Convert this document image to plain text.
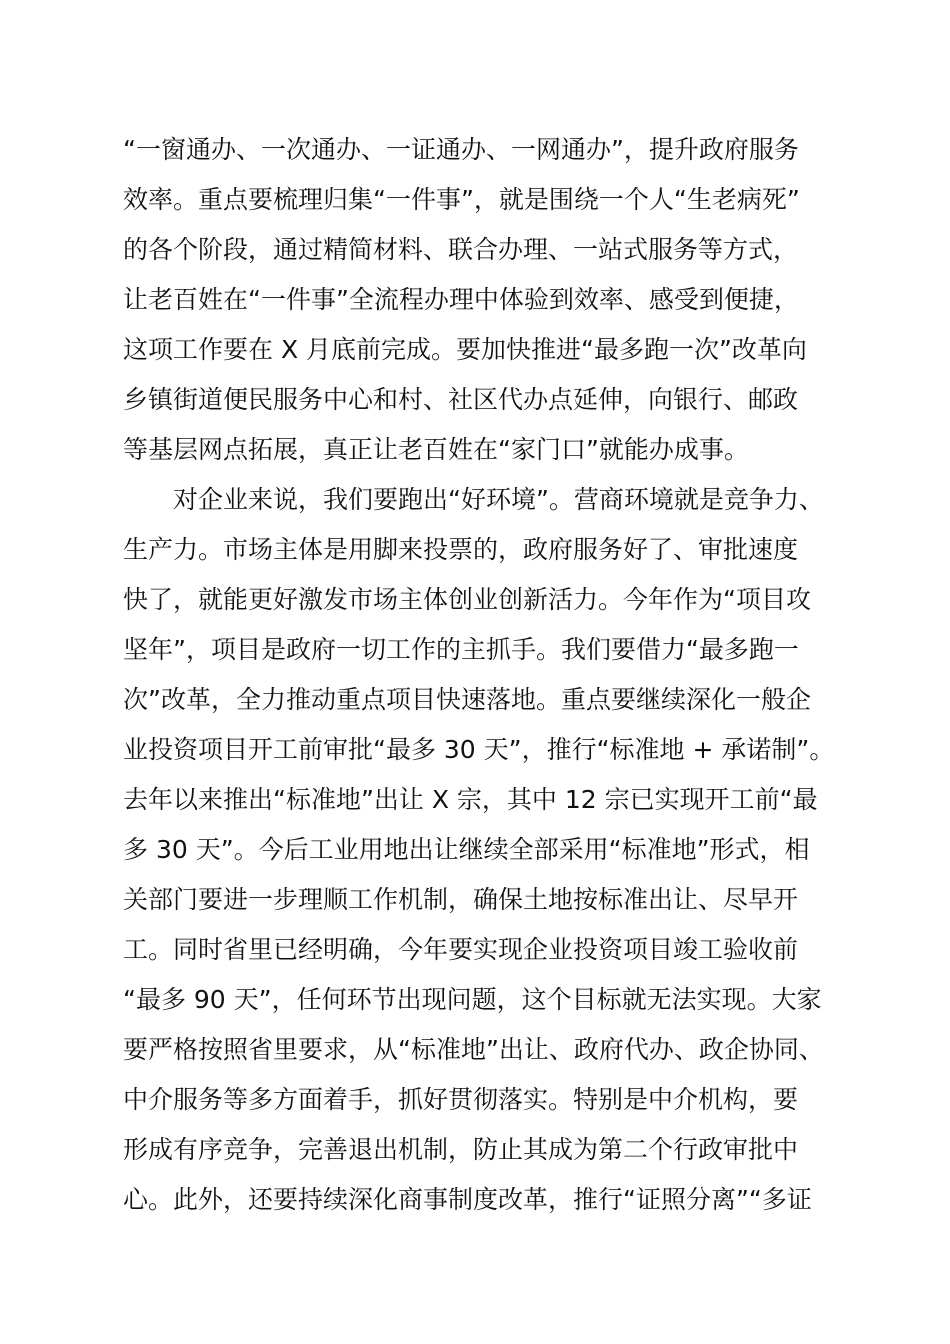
“一窗通办、一次通办、一证通办、一网通办”，提升政府服务

效率。重点要梳理归集“一件事”，就是围绕一个人“生老病死”

的各个阶段，通过精简材料、联合办理、一站式服务等方式，

让老百姓在“一件事”全流程办理中体验到效率、感受到便捷，

这项工作要在 X 月底前完成。要加快推进“最多跑一次”改革向

乡镇街道便民服务中心和村、社区代办点延伸，向银行、邮政

等基层网点拓展，真正让老百姓在“家门口”就能办成事。

对企业来说，我们要跑出“好环境”。营商环境就是竞争力、

生产力。市场主体是用脚来投票的，政府服务好了、审批速度

快了，就能更好激发市场主体创业创新活力。今年作为“项目攻

坚年”，项目是政府一切工作的主抓手。我们要借力“最多跑一

次”改革，全力推动重点项目快速落地。重点要继续深化一般企

业投资项目开工前审批“最多 30 天”，推行“标准地 + 承诺制”。

去年以来推出“标准地”出让 X 宗，其中 12 宗已实现开工前“最

多 30 天”。今后工业用地出让继续全部采用“标准地”形式，相

关部门要进一步理顺工作机制，确保土地按标准出让、尽早开

工。同时省里已经明确，今年要实现企业投资项目竣工验收前

“最多 90 天”，任何环节出现问题，这个目标就无法实现。大家

要严格按照省里要求，从“标准地”出让、政府代办、政企协同、

中介服务等多方面着手，抓好贯彻落实。特别是中介机构，要

形成有序竞争，完善退出机制，防止其成为第二个行政审批中

心。此外，还要持续深化商事制度改革，推行“证照分离”“多证
